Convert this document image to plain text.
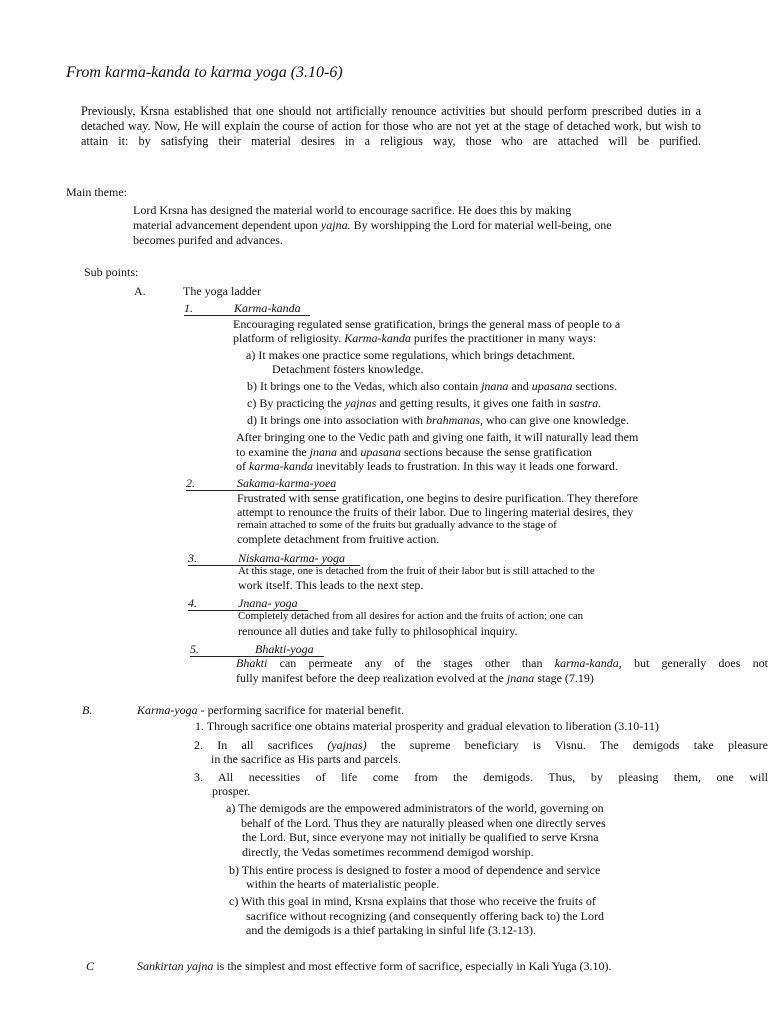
From karma-kanda to karma yoga (3.10-6)
Previously, Krsna established that one should not artificially renounce activities but should perform prescribed duties in a detached way. Now, He will explain the course of action for those who are not yet at the stage of detached work, but wish to attain it: by satisfying their material desires in a religious way, those who are attached will be purified.
Main theme:
Lord Krsna has designed the material world to encourage sacrifice. He does this by making
material advancement dependent upon yajna. By worshipping the Lord for material well-being, one
becomes purifed and advances.
Sub points:
A.	The yoga ladder
1.	Karma-kanda
Encouraging regulated sense gratification, brings the general mass of people to a
platform of religiosity. Karma-kanda purifes the practitioner in many ways:
a) It makes one practice some regulations, which brings detachment.
Detachment fosters knowledge.
b) It brings one to the Vedas, which also contain jnana and upasana sections.
c) By practicing the yajnas and getting results, it gives one faith in sastra.
d) It brings one into association with brahmanas, who can give one knowledge.
After bringing one to the Vedic path and giving one faith, it will naturally lead them
to examine the jnana and upasana sections because the sense gratification
of karma-kanda inevitably leads to frustration. In this way it leads one forward.
2.	Sakama-karma-yoea
Frustrated with sense gratification, one begins to desire purification. They therefore
attempt to renounce the fruits of their labor. Due to lingering material desires, they
remain attached to some of the fruits but gradually advance to the stage of
complete detachment from fruitive action.
3.	Niskama-karma- yoga
At this stage, one is detached from the fruit of their labor but is still attached to the
work itself. This leads to the next step.
4.	Jnana- yoga
Completely detached from all desires for action and the fruits of action; one can
renounce all duties and take fully to philosophical inquiry.
5.	Bhakti-yoga
Bhakti can permeate any of the stages other than karma-kanda, but generally does not
fully manifest before the deep realization evolved at the jnana stage (7.19)
B.	Karma-yoga - performing sacrifice for material benefit.
1. Through sacrifice one obtains material prosperity and gradual elevation to liberation (3.10-11)
2. In all sacrifices (yajnas) the supreme beneficiary is Visnu. The demigods take pleasure
in the sacrifice as His parts and parcels.
3. All necessities of life come from the demigods. Thus, by pleasing them, one will
prosper.
a) The demigods are the empowered administrators of the world, governing on
behalf of the Lord. Thus they are naturally pleased when one directly serves
the Lord. But, since everyone may not initially be qualified to serve Krsna
directly, the Vedas sometimes recommend demigod worship.
b) This entire process is designed to foster a mood of dependence and service
within the hearts of materialistic people.
c) With this goal in mind, Krsna explains that those who receive the fruits of
sacrifice without recognizing (and consequently offering back to) the Lord
and the demigods is a thief partaking in sinful life (3.12-13).
C	Sankirtan yajna is the simplest and most effective form of sacrifice, especially in Kali Yuga (3.10).
